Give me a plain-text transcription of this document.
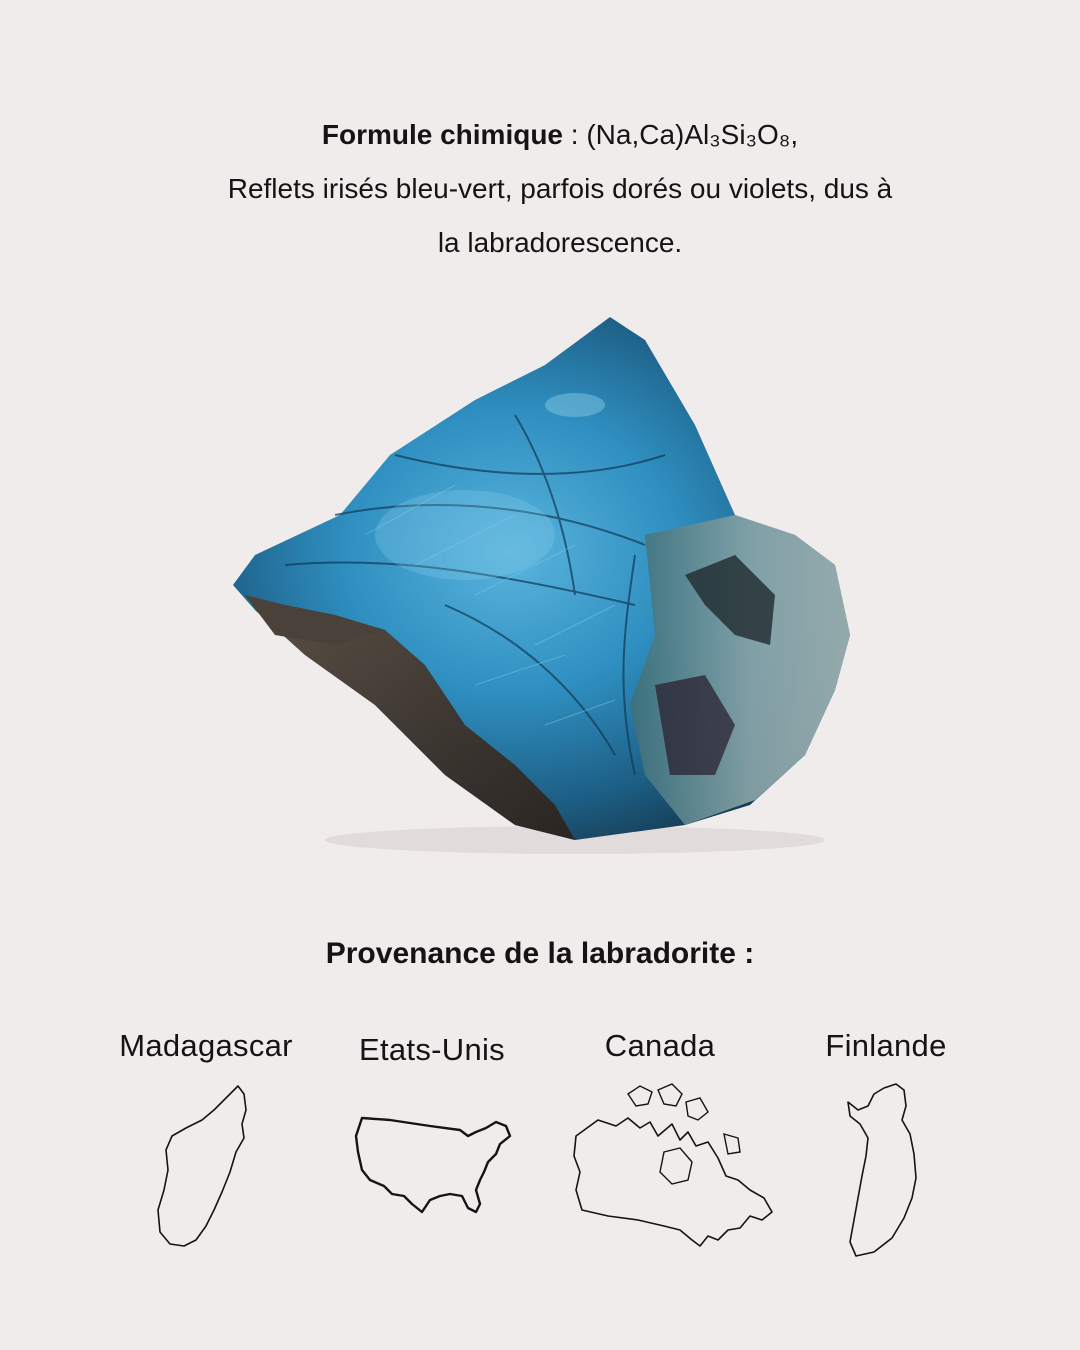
Formule chimique : (Na,Ca)Al₃Si₃O₈,
Reflets irisés bleu-vert, parfois dorés ou violets, dus à
la labradorescence.
Provenance de la labradorite :
Madagascar	Etats-Unis	Canada	Finlande
